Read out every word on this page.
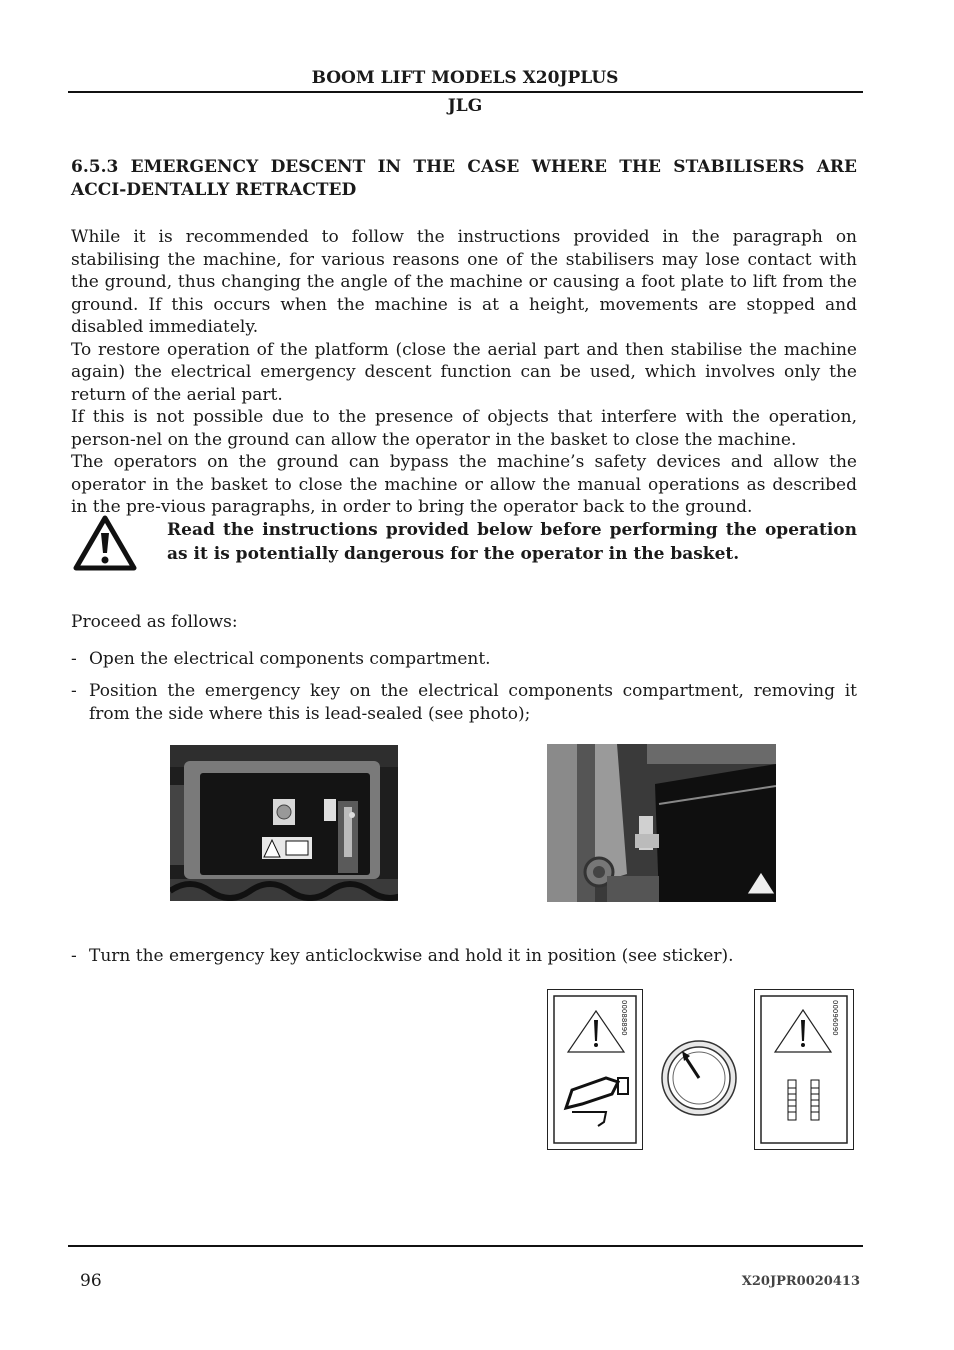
BOOM LIFT MODELS X20JPLUS
JLG
6.5.3 EMERGENCY DESCENT IN THE CASE WHERE THE STABILISERS ARE ACCI-DENTALLY RETRACTED

While it is recommended to follow the instructions provided in the paragraph on stabilising the machine, for various reasons one of the stabilisers may lose contact with the ground, thus changing the angle of the machine or causing a foot plate to lift from the ground. If this occurs when the machine is at a height, movements are stopped and disabled immediately.

To restore operation of the platform (close the aerial part and then stabilise the machine again) the electrical emergency descent function can be used, which involves only the return of the aerial part.

If this is not possible due to the presence of objects that interfere with the operation, person-nel on the ground can allow the operator in the basket to close the machine.

The operators on the ground can bypass the machine’s safety devices and allow the operator in the basket to close the machine or allow the manual operations as described in the pre-vious paragraphs, in order to bring the operator back to the ground.

Read the instructions provided below before performing the operation as it is potentially dangerous for the operator in the basket.
Proceed as follows:
- Open the electrical components compartment.
- Position the emergency key on the electrical components compartment, removing it from the side where this is lead-sealed (see photo);
- Turn the emergency key anticlockwise and hold it in position (see sticker).
00088890	00096090
96	X20JPR0020413
